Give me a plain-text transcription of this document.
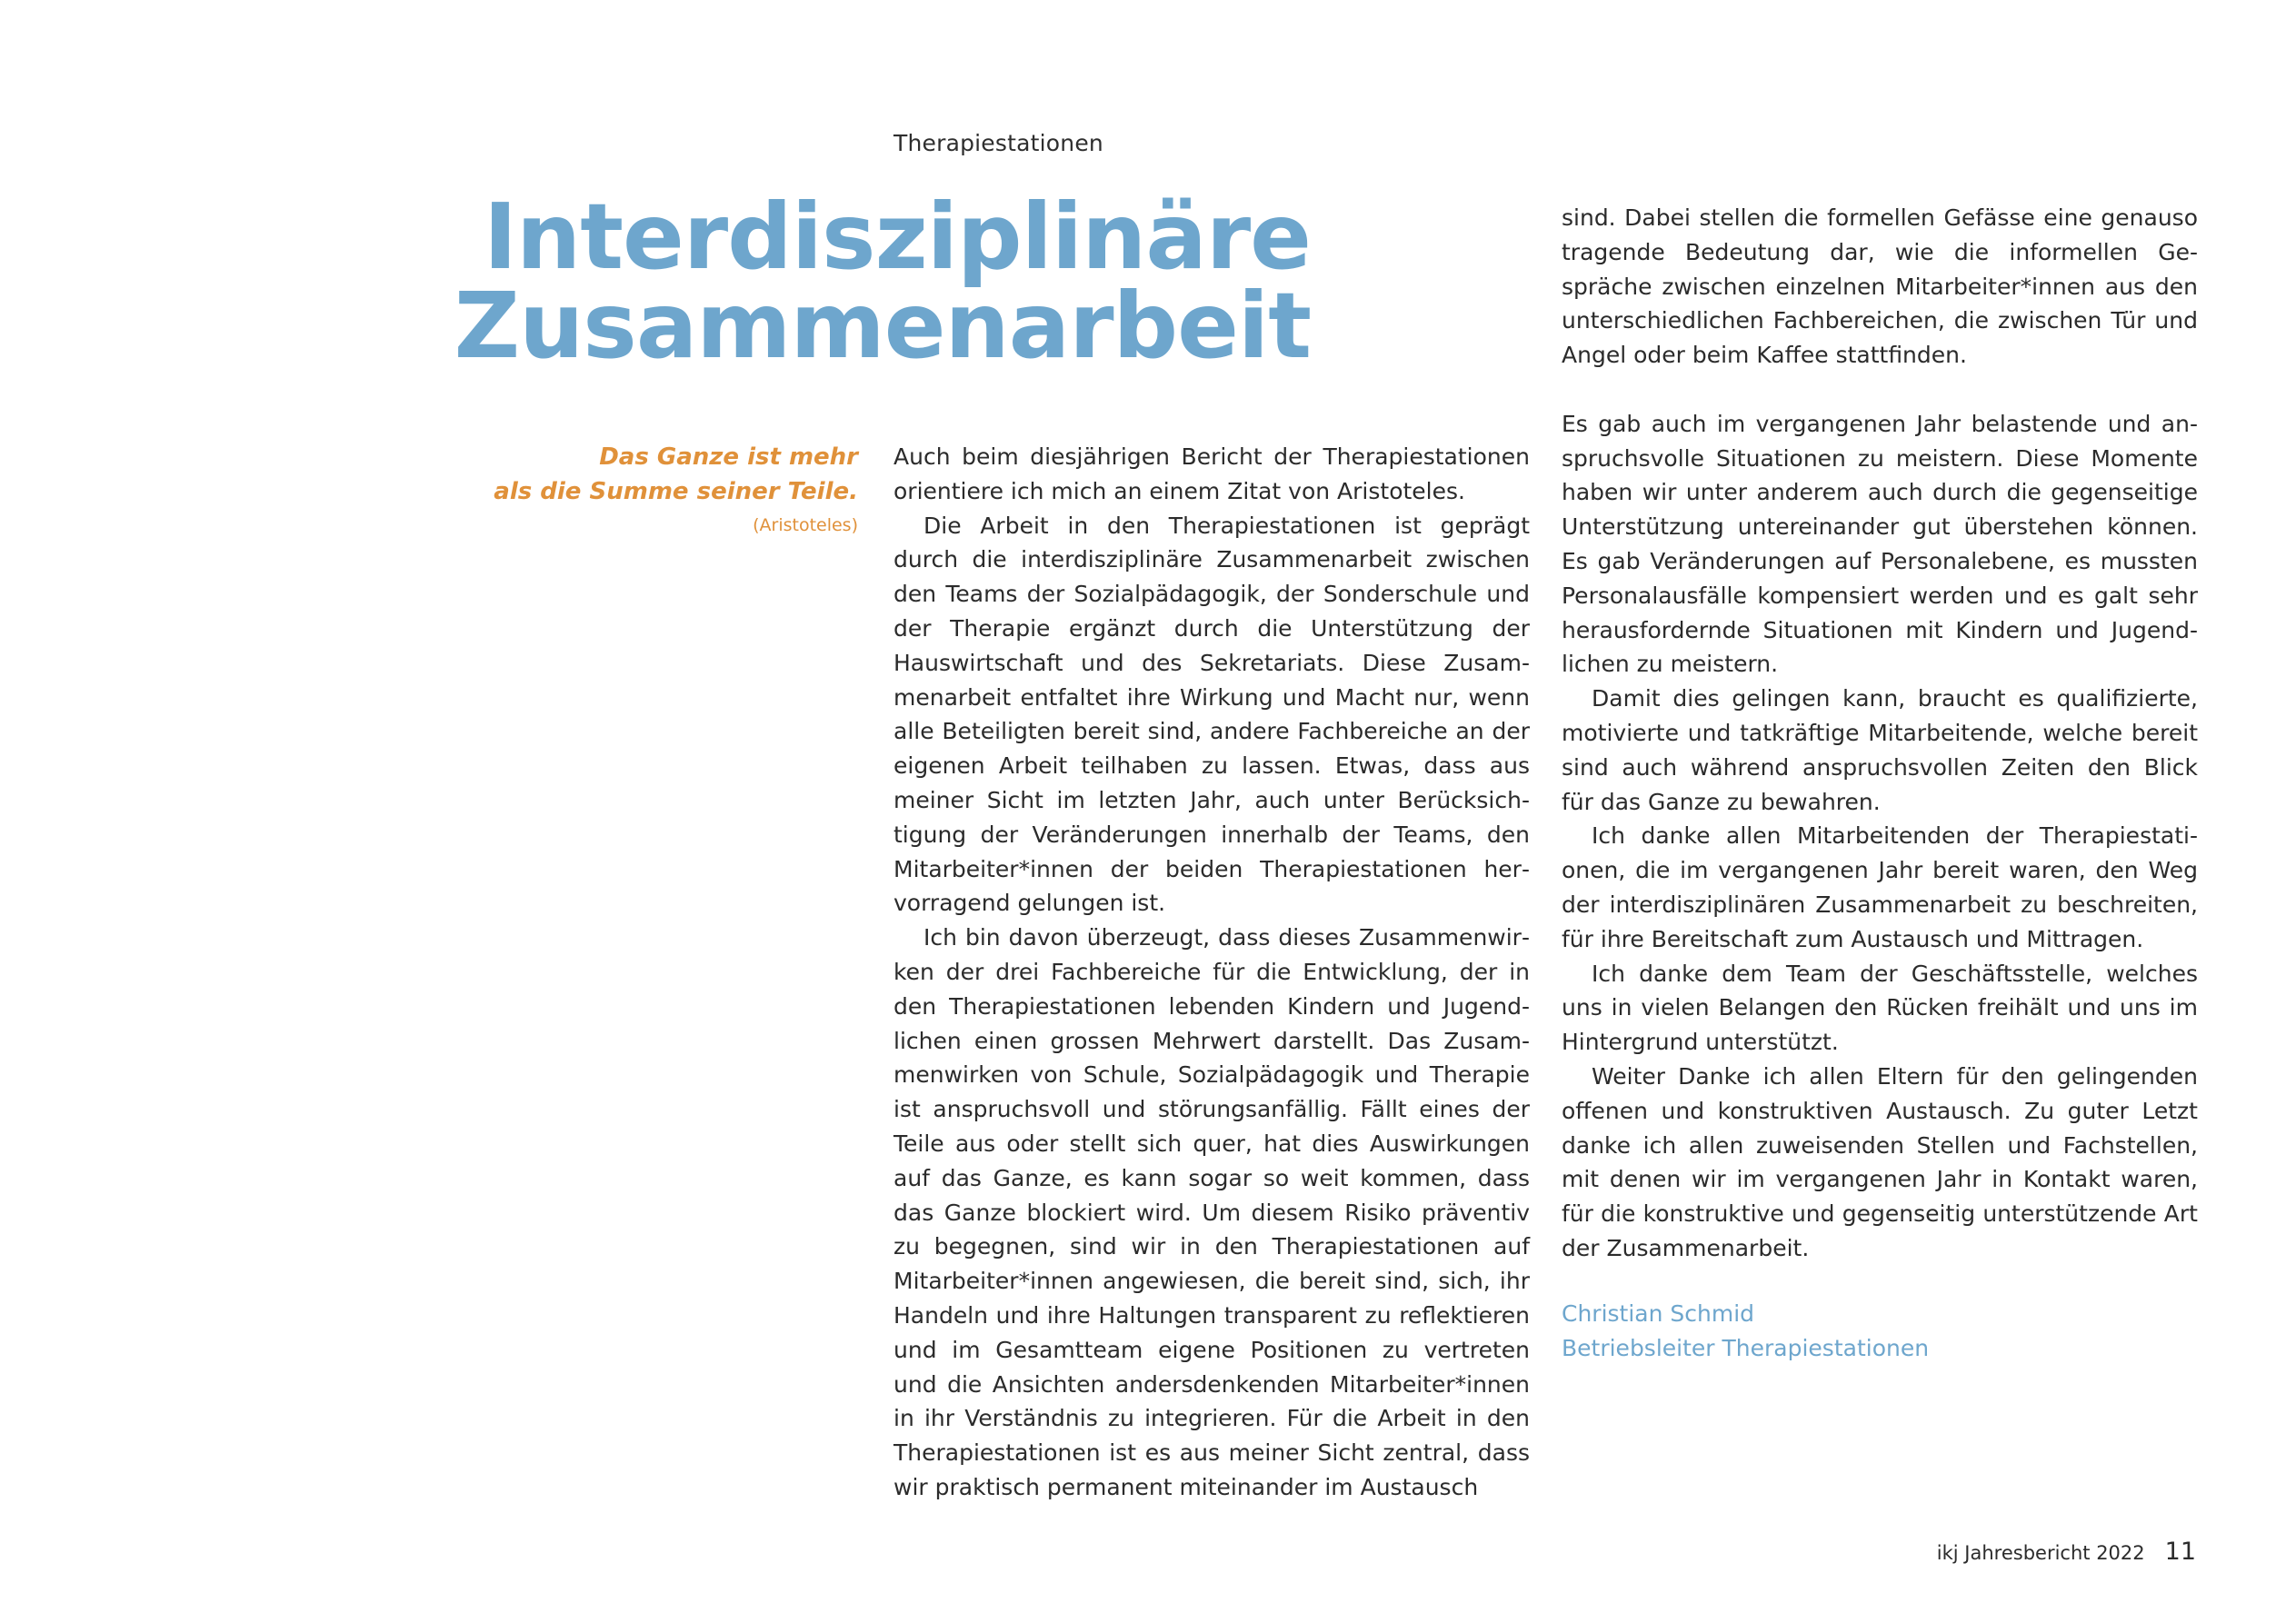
Therapiestationen
Interdisziplinäre
Zusammenarbeit
Das Ganze ist mehr
als die Summe seiner Teile.
(Aristoteles)

Auch beim diesjährigen Bericht der Therapiestationen orientiere ich mich an einem Zitat von Aristoteles.

Die Arbeit in den Therapiestationen ist geprägt durch die interdisziplinäre Zusammenarbeit zwischen den Teams der Sozialpädagogik, der Sonderschule und der Therapie ergänzt durch die Unterstützung der Hauswirtschaft und des Sekretariats. Diese Zusammenarbeit entfaltet ihre Wirkung und Macht nur, wenn alle Beteiligten bereit sind, andere Fachbereiche an der eigenen Arbeit teilhaben zu lassen. Etwas, dass aus meiner Sicht im letzten Jahr, auch unter Berücksichtigung der Veränderungen innerhalb der Teams, den Mitarbeiter*innen der beiden Therapiestationen hervorragend gelungen ist.

Ich bin davon überzeugt, dass dieses Zusammenwirken der drei Fachbereiche für die Entwicklung, der in den Therapiestationen lebenden Kindern und Jugendlichen einen grossen Mehrwert darstellt. Das Zusammenwirken von Schule, Sozialpädagogik und Therapie ist anspruchsvoll und störungsanfällig. Fällt eines der Teile aus oder stellt sich quer, hat dies Auswirkungen auf das Ganze, es kann sogar so weit kommen, dass das Ganze blockiert wird. Um diesem Risiko präventiv zu begegnen, sind wir in den Therapiestationen auf Mitarbeiter*innen angewiesen, die bereit sind, sich, ihr Handeln und ihre Haltungen transparent zu reflektieren und im Gesamtteam eigene Positionen zu vertreten und die Ansichten andersdenkenden Mitarbeiter*innen in ihr Verständnis zu integrieren. Für die Arbeit in den Therapiestationen ist es aus meiner Sicht zentral, dass wir praktisch permanent miteinander im Austausch

sind. Dabei stellen die formellen Gefässe eine genauso tragende Bedeutung dar, wie die informellen Gespräche zwischen einzelnen Mitarbeiter*innen aus den unterschiedlichen Fachbereichen, die zwischen Tür und Angel oder beim Kaffee stattfinden.

Es gab auch im vergangenen Jahr belastende und anspruchsvolle Situationen zu meistern. Diese Momente haben wir unter anderem auch durch die gegenseitige Unterstützung untereinander gut überstehen können. Es gab Veränderungen auf Personalebene, es mussten Personalausfälle kompensiert werden und es galt sehr herausfordernde Situationen mit Kindern und Jugendlichen zu meistern.

Damit dies gelingen kann, braucht es qualifizierte, motivierte und tatkräftige Mitarbeitende, welche bereit sind auch während anspruchsvollen Zeiten den Blick für das Ganze zu bewahren.

Ich danke allen Mitarbeitenden der Therapiestationen, die im vergangenen Jahr bereit waren, den Weg der interdisziplinären Zusammenarbeit zu beschreiten, für ihre Bereitschaft zum Austausch und Mittragen.

Ich danke dem Team der Geschäftsstelle, welches uns in vielen Belangen den Rücken freihält und uns im Hintergrund unterstützt.

Weiter Danke ich allen Eltern für den gelingenden offenen und konstruktiven Austausch. Zu guter Letzt danke ich allen zuweisenden Stellen und Fachstellen, mit denen wir im vergangenen Jahr in Kontakt waren, für die konstruktive und gegenseitig unterstützende Art der Zusammenarbeit.

Christian Schmid
Betriebsleiter Therapiestationen
ikj Jahresbericht 2022 11
